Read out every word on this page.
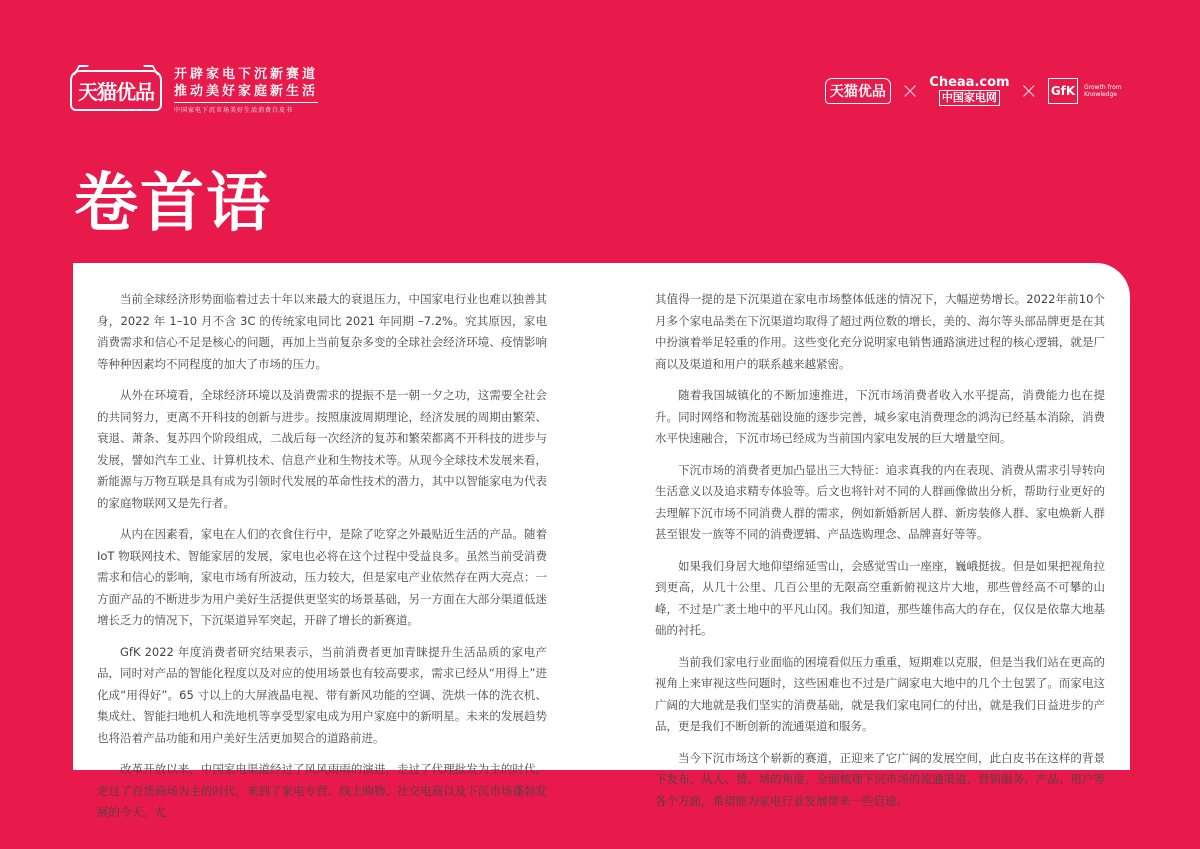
天猫优品
开辟家电下沉新赛道
推动美好家庭新生活
中国家电下沉市场美好生活消费白皮书
天猫优品 × Cheaa.com
中国家电网 × GfK	Growth from Knowledge
卷首语

当前全球经济形势面临着过去十年以来最大的衰退压力，中国家电行业也难以独善其身，2022 年 1–10 月不含 3C 的传统家电同比 2021 年同期 –7.2%。究其原因，家电消费需求和信心不足是核心的问题，再加上当前复杂多变的全球社会经济环境、疫情影响等种种因素均不同程度的加大了市场的压力。

从外在环境看，全球经济环境以及消费需求的提振不是一朝一夕之功，这需要全社会的共同努力，更离不开科技的创新与进步。按照康波周期理论，经济发展的周期由繁荣、衰退、萧条、复苏四个阶段组成，二战后每一次经济的复苏和繁荣都离不开科技的进步与发展，譬如汽车工业、计算机技术、信息产业和生物技术等。从现今全球技术发展来看，新能源与万物互联是具有成为引领时代发展的革命性技术的潜力，其中以智能家电为代表的家庭物联网又是先行者。

从内在因素看，家电在人们的衣食住行中，是除了吃穿之外最贴近生活的产品。随着 IoT 物联网技术、智能家居的发展，家电也必将在这个过程中受益良多。虽然当前受消费需求和信心的影响，家电市场有所波动，压力较大，但是家电产业依然存在两大亮点：一方面产品的不断进步为用户美好生活提供更坚实的场景基础，另一方面在大部分渠道低迷增长乏力的情况下，下沉渠道异军突起，开辟了增长的新赛道。

GfK 2022 年度消费者研究结果表示，当前消费者更加青睐提升生活品质的家电产品，同时对产品的智能化程度以及对应的使用场景也有较高要求，需求已经从“用得上”进化成“用得好”。65 寸以上的大屏液晶电视、带有新风功能的空调、洗烘一体的洗衣机、集成灶、智能扫地机人和洗地机等享受型家电成为用户家庭中的新明星。未来的发展趋势也将沿着产品功能和用户美好生活更加契合的道路前进。

改革开放以来，中国家电渠道经过了风风雨雨的演进，走过了代理批发为主的时代，走过了百货商场为主的时代，来到了家电专营、线上购物、社交电商以及下沉市场蓬勃发展的今天。尤

其值得一提的是下沉渠道在家电市场整体低迷的情况下，大幅逆势增长。2022年前10个月多个家电品类在下沉渠道均取得了超过两位数的增长，美的、海尔等头部品牌更是在其中扮演着举足轻重的作用。这些变化充分说明家电销售通路演进过程的核心逻辑，就是厂商以及渠道和用户的联系越来越紧密。

随着我国城镇化的不断加速推进，下沉市场消费者收入水平提高，消费能力也在提升。同时网络和物流基础设施的逐步完善，城乡家电消费理念的鸿沟已经基本消除，消费水平快速融合，下沉市场已经成为当前国内家电发展的巨大增量空间。

下沉市场的消费者更加凸显出三大特征：追求真我的内在表现、消费从需求引导转向生活意义以及追求精专体验等。后文也将针对不同的人群画像做出分析，帮助行业更好的去理解下沉市场不同消费人群的需求，例如新婚新居人群、新房装修人群、家电焕新人群甚至银发一族等不同的消费逻辑、产品选购理念、品牌喜好等等。

如果我们身居大地仰望绵延雪山，会感觉雪山一座座，巍峨挺拔。但是如果把视角拉到更高，从几十公里、几百公里的无限高空重新俯视这片大地，那些曾经高不可攀的山峰，不过是广袤土地中的平凡山冈。我们知道，那些雄伟高大的存在，仅仅是依靠大地基础的衬托。

当前我们家电行业面临的困境看似压力重重，短期难以克服，但是当我们站在更高的视角上来审视这些问题时，这些困难也不过是广阔家电大地中的几个土包罢了。而家电这广阔的大地就是我们坚实的消费基础，就是我们家电同仁的付出，就是我们日益进步的产品，更是我们不断创新的流通渠道和服务。

当今下沉市场这个崭新的赛道，正迎来了它广阔的发展空间，此白皮书在这样的背景下发布，从人、货、场的角度，全面梳理下沉市场的流通渠道、营销服务、产品、用户等各个方面，希望能为家电行业发展带来一些启迪。
